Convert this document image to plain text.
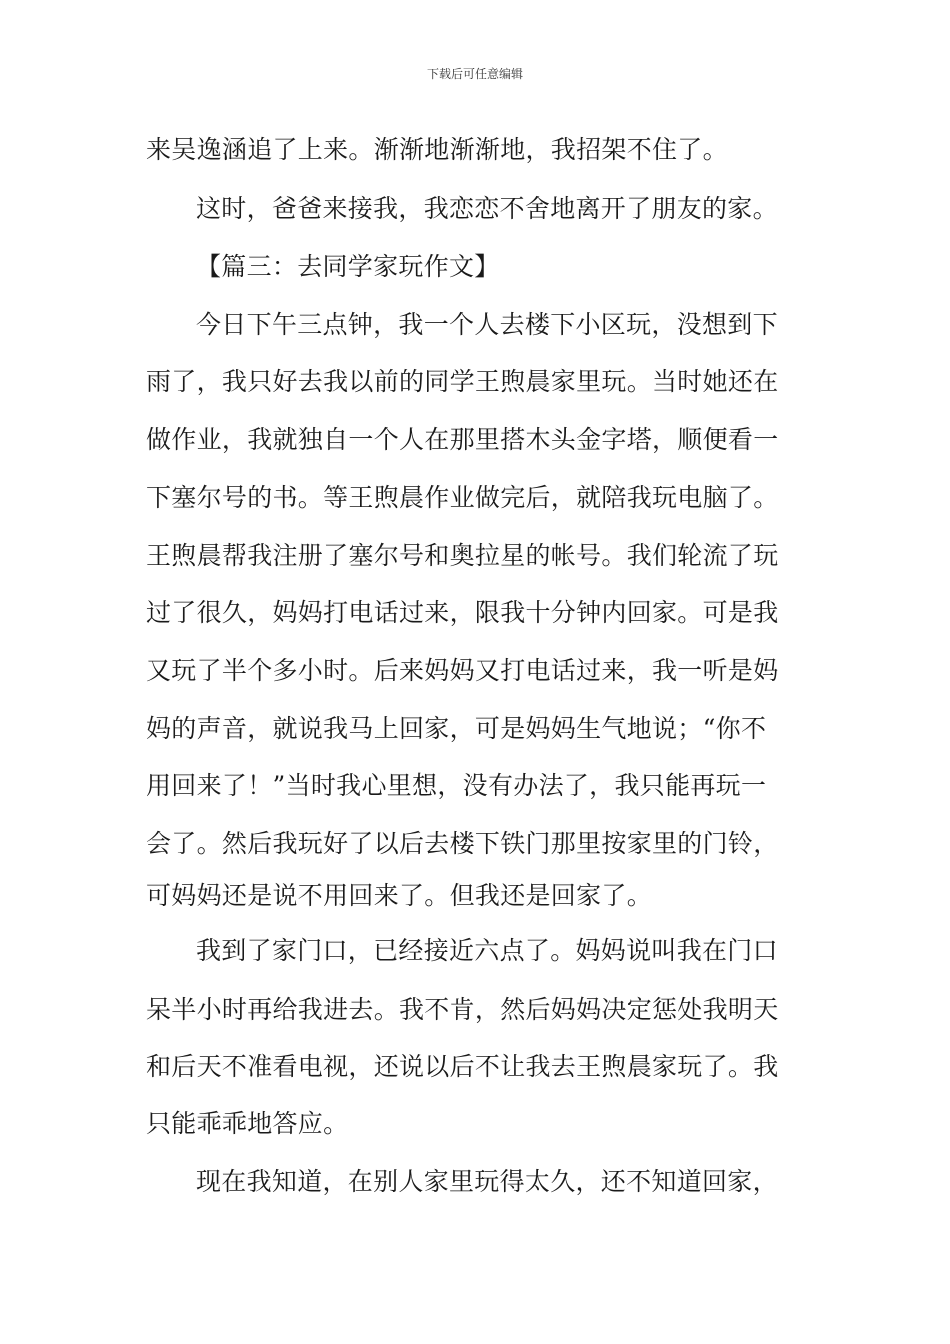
下载后可任意编辑
来吴逸涵追了上来。渐渐地渐渐地，我招架不住了。
这时，爸爸来接我，我恋恋不舍地离开了朋友的家。
【篇三：去同学家玩作文】
今日下午三点钟，我一个人去楼下小区玩，没想到下
雨了，我只好去我以前的同学王煦晨家里玩。当时她还在
做作业，我就独自一个人在那里搭木头金字塔，顺便看一
下塞尔号的书。等王煦晨作业做完后，就陪我玩电脑了。
王煦晨帮我注册了塞尔号和奥拉星的帐号。我们轮流了玩
过了很久，妈妈打电话过来，限我十分钟内回家。可是我
又玩了半个多小时。后来妈妈又打电话过来，我一听是妈
妈的声音，就说我马上回家，可是妈妈生气地说；“你不
用回来了！”当时我心里想，没有办法了，我只能再玩一
会了。然后我玩好了以后去楼下铁门那里按家里的门铃，
可妈妈还是说不用回来了。但我还是回家了。
我到了家门口，已经接近六点了。妈妈说叫我在门口
呆半小时再给我进去。我不肯，然后妈妈决定惩处我明天
和后天不准看电视，还说以后不让我去王煦晨家玩了。我
只能乖乖地答应。
现在我知道，在别人家里玩得太久，还不知道回家，
